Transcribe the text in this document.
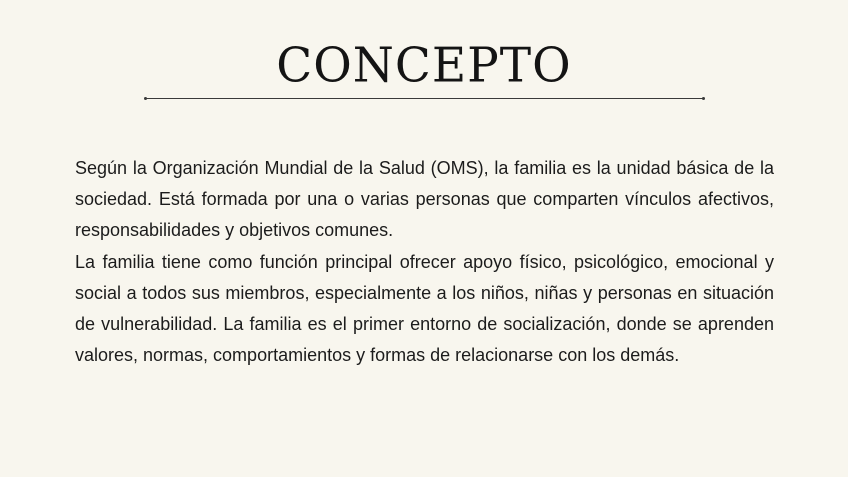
CONCEPTO

Según la Organización Mundial de la Salud (OMS), la familia es la unidad básica de la sociedad. Está formada por una o varias personas que comparten vínculos afectivos, responsabilidades y objetivos comunes.

La familia tiene como función principal ofrecer apoyo físico, psicológico, emocional y social a todos sus miembros, especialmente a los niños, niñas y personas en situación de vulnerabilidad. La familia es el primer entorno de socialización, donde se aprenden valores, normas, comportamientos y formas de relacionarse con los demás.
